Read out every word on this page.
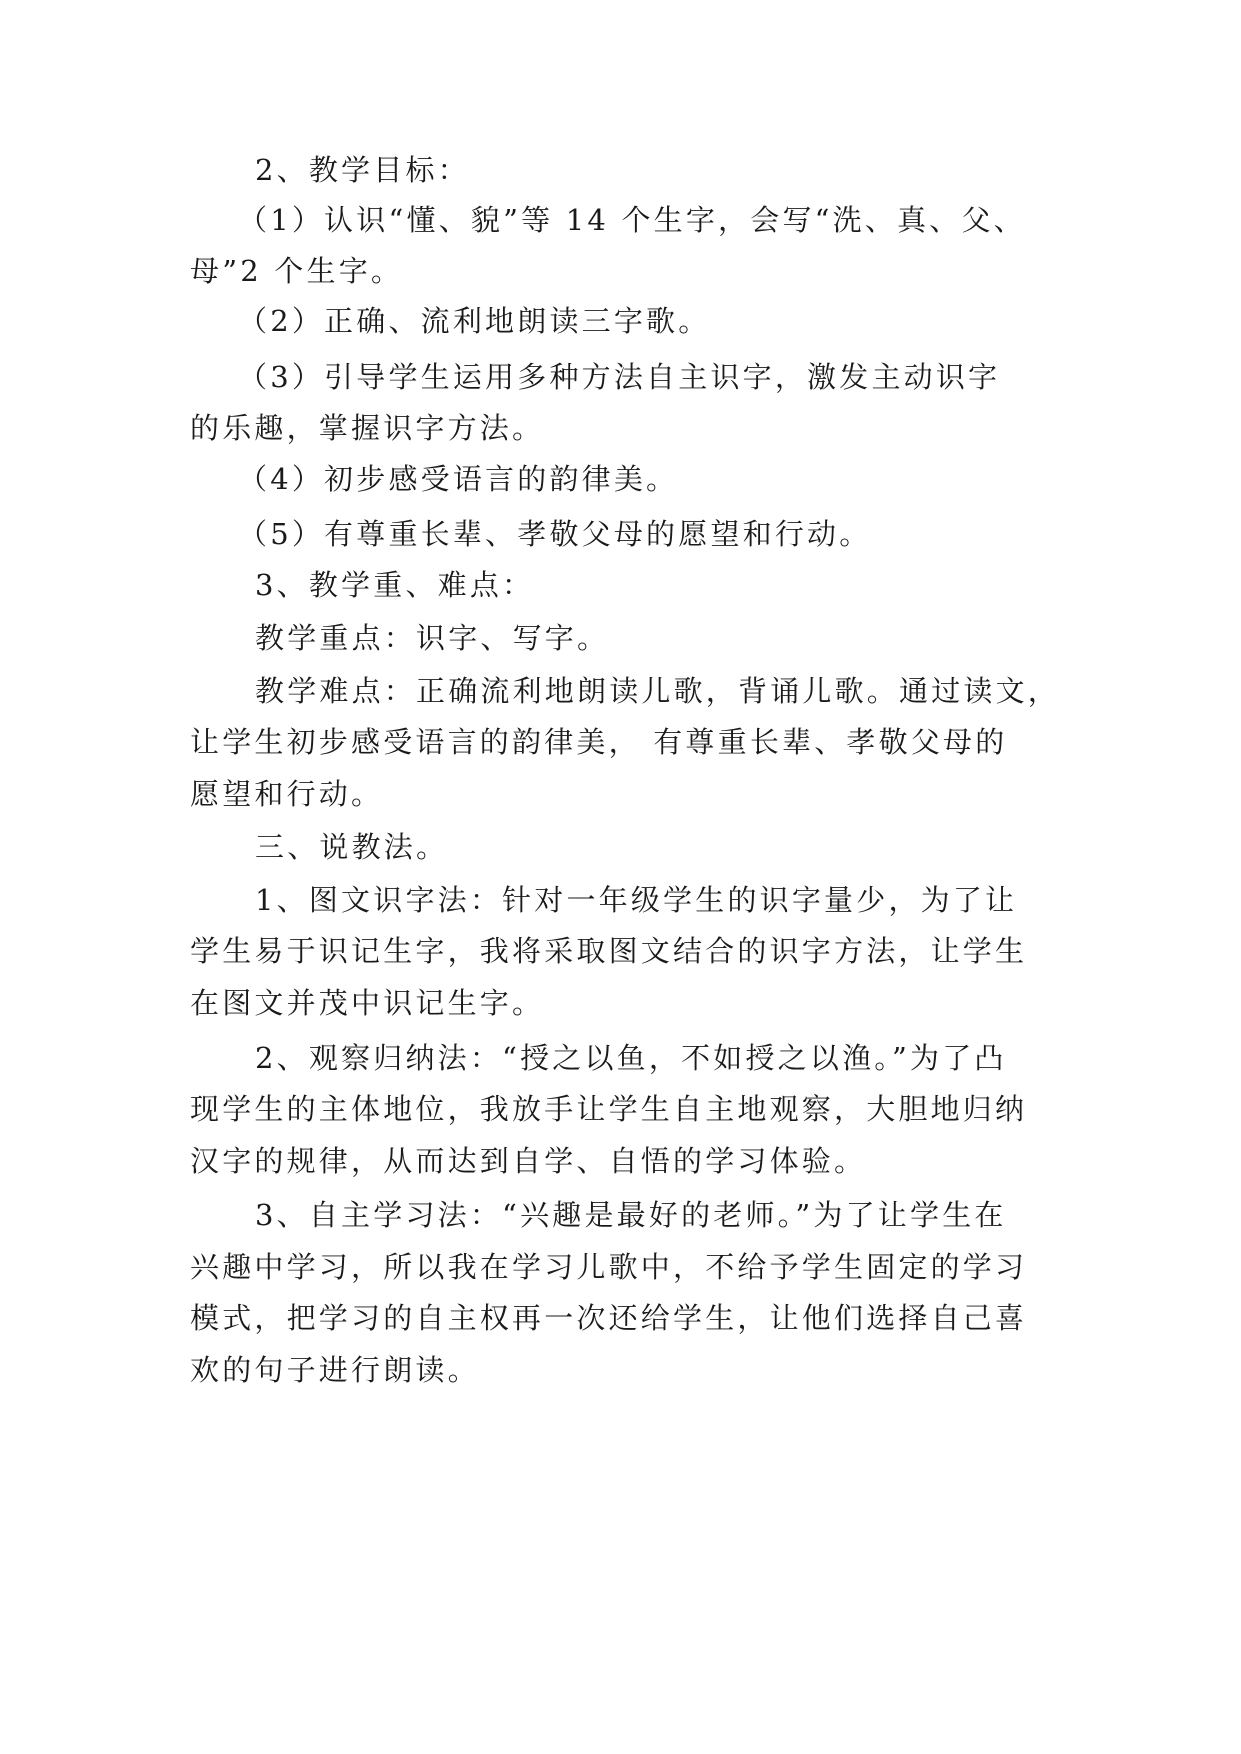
2、教学目标：
（1）认识“懂、貌”等 14 个生字，会写“洗、真、父、
母”2 个生字。
（2）正确、流利地朗读三字歌。
（3）引导学生运用多种方法自主识字，激发主动识字
的乐趣，掌握识字方法。
（4）初步感受语言的韵律美。
（5）有尊重长辈、孝敬父母的愿望和行动。
3、教学重、难点：
教学重点：识字、写字。
教学难点：正确流利地朗读儿歌，背诵儿歌。通过读文，
让学生初步感受语言的韵律美， 有尊重长辈、孝敬父母的
愿望和行动。
三、说教法。
1、图文识字法：针对一年级学生的识字量少，为了让
学生易于识记生字，我将采取图文结合的识字方法，让学生
在图文并茂中识记生字。
2、观察归纳法：“授之以鱼，不如授之以渔。”为了凸
现学生的主体地位，我放手让学生自主地观察，大胆地归纳
汉字的规律，从而达到自学、自悟的学习体验。
3、自主学习法：“兴趣是最好的老师。”为了让学生在
兴趣中学习，所以我在学习儿歌中，不给予学生固定的学习
模式，把学习的自主权再一次还给学生，让他们选择自己喜
欢的句子进行朗读。
